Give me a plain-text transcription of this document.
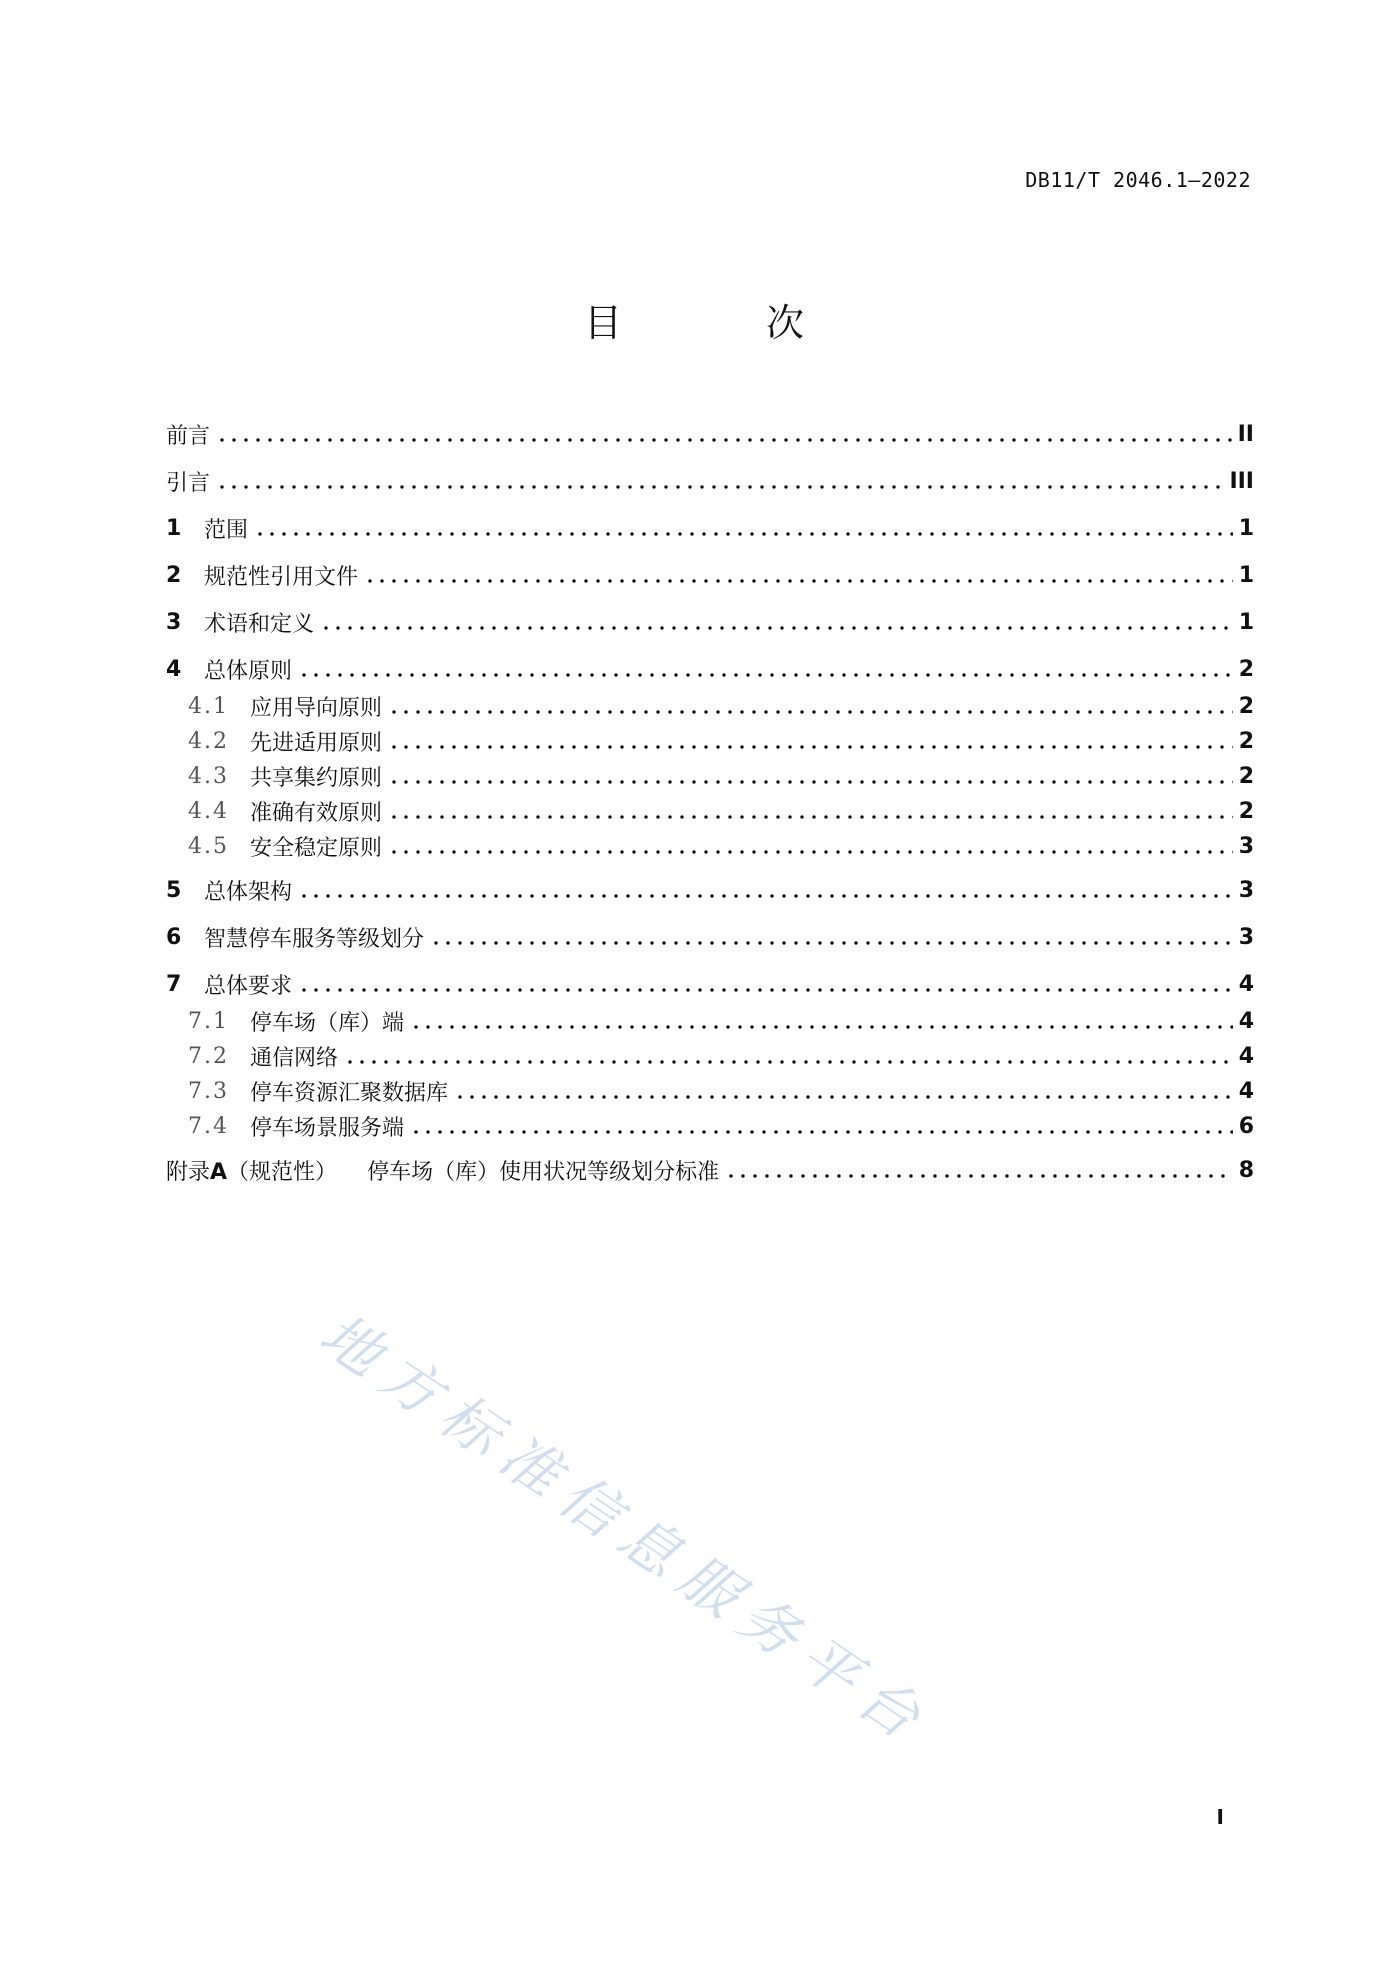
DB11/T 2046.1—2022
目 次
前言	II
引言	III
1	范围	1
2	规范性引用文件	1
3	术语和定义	1
4	总体原则	2
4.1 应用导向原则	2
4.2 先进适用原则	2
4.3 共享集约原则	2
4.4 准确有效原则	2
4.5 安全稳定原则	3
5	总体架构	3
6	智慧停车服务等级划分	3
7	总体要求	4
7.1 停车场（库）端	4
7.2 通信网络	4
7.3 停车资源汇聚数据库	4
7.4 停车场景服务端	6
附录A（规范性） 停车场（库）使用状况等级划分标准	8
地方标准信息服务平台
I
